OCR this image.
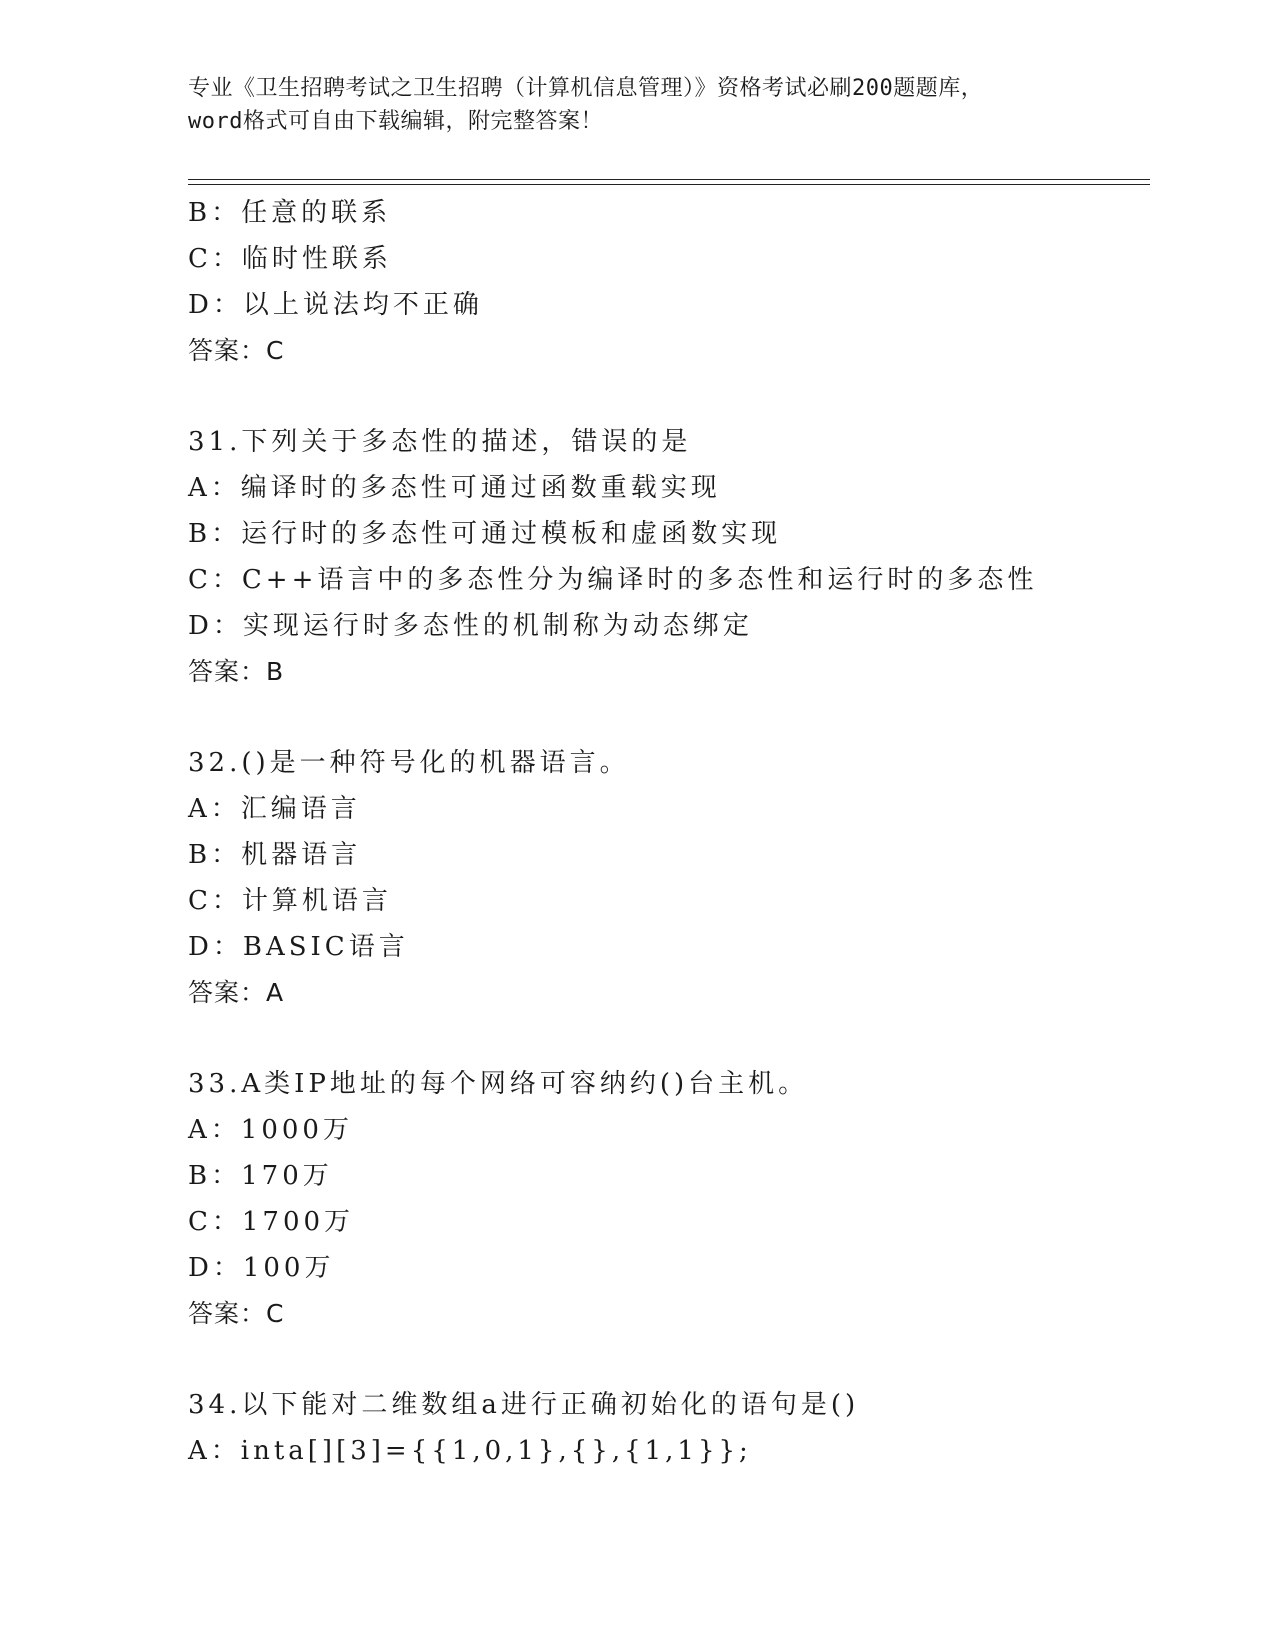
专业《卫生招聘考试之卫生招聘（计算机信息管理）》资格考试必刷200题题库，
word格式可自由下载编辑，附完整答案！
B：任意的联系
C：临时性联系
D：以上说法均不正确
答案：C
31.下列关于多态性的描述，错误的是
A：编译时的多态性可通过函数重载实现
B：运行时的多态性可通过模板和虚函数实现
C：C++语言中的多态性分为编译时的多态性和运行时的多态性
D：实现运行时多态性的机制称为动态绑定
答案：B
32.()是一种符号化的机器语言。
A：汇编语言
B：机器语言
C：计算机语言
D：BASIC语言
答案：A
33.A类IP地址的每个网络可容纳约()台主机。
A：1000万
B：170万
C：1700万
D：100万
答案：C
34.以下能对二维数组a进行正确初始化的语句是()
A：inta[][3]={{1,0,1},{},{1,1}};
